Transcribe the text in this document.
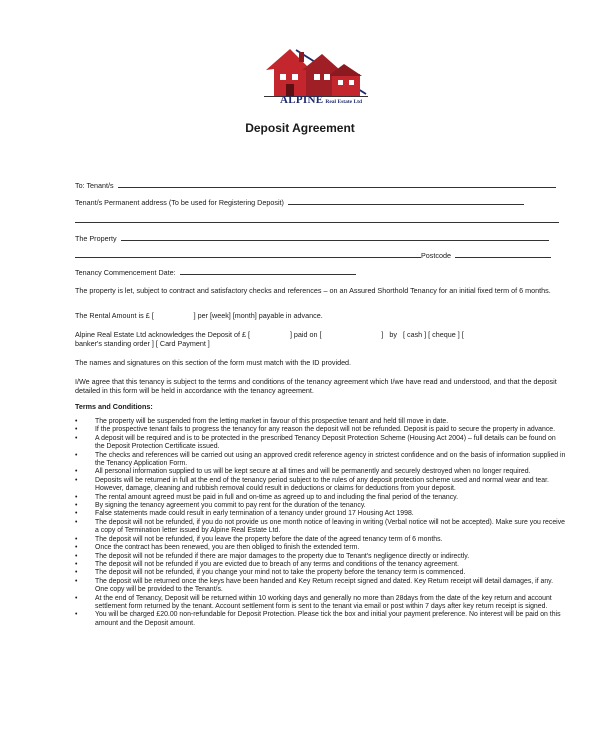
ALPINE Real Estate Ltd
Deposit Agreement
To: Tenant/s
Tenant/s Permanent address (To be used for Registering Deposit)
The Property
Postcode
Tenancy Commencement Date:
The property is let, subject to contract and satisfactory checks and references – on an Assured Shorthold Tenancy for an initial fixed term of 6 months.
The Rental Amount is £ [                    ] per [week] [month] payable in advance.
Alpine Real Estate Ltd acknowledges the Deposit of £ [                    ] paid on [                              ]   by   [ cash ] [ cheque ] [
banker's standing order ] [ Card Payment ]
The names and signatures on this section of the form must match with the ID provided.
I/We agree that this tenancy is subject to the terms and conditions of the tenancy agreement which I/we have read and understood, and that the deposit detailed in this form will be held in accordance with the tenancy agreement.
Terms and Conditions:
•	The property will be suspended from the letting market in favour of this prospective tenant and held till move in date.
•	If the prospective tenant fails to progress the tenancy for any reason the deposit will not be refunded. Deposit is paid to secure the property in advance.
•	A deposit will be required and is to be protected in the prescribed Tenancy Deposit Protection Scheme (Housing Act 2004) – full details can be found on the Deposit Protection Certificate issued.
•	The checks and references will be carried out using an approved credit reference agency in strictest confidence and on the basis of information supplied in the Tenancy Application Form.
•	All personal information supplied to us will be kept secure at all times and will be permanently and securely destroyed when no longer required.
•	Deposits will be returned in full at the end of the tenancy period subject to the rules of any deposit protection scheme used and normal wear and tear. However, damage, cleaning and rubbish removal could result in deductions or claims for deductions from your deposit.
•	The rental amount agreed must be paid in full and on-time as agreed up to and including the final period of the tenancy.
•	By signing the tenancy agreement you commit to pay rent for the duration of the tenancy.
•	False statements made could result in early termination of a tenancy under ground 17 Housing Act 1998.
•	The deposit will not be refunded, if you do not provide us one month notice of leaving in writing (Verbal notice will not be accepted). Make sure you receive a copy of Termination letter issued by Alpine Real Estate Ltd.
•	The deposit will not be refunded, if you leave the property before the date of the agreed tenancy term of 6 months.
•	Once the contract has been renewed, you are then obliged to finish the extended term.
•	The deposit will not be refunded if there are major damages to the property due to Tenant's negligence directly or indirectly.
•	The deposit will not be refunded if you are evicted due to breach of any terms and conditions of the tenancy agreement.
•	The deposit will not be refunded, if you change your mind not to take the property before the tenancy term is commenced.
•	The deposit will be returned once the keys have been handed and Key Return receipt signed and dated. Key Return receipt will detail damages, if any. One copy will be provided to the Tenant/s.
•	At the end of Tenancy, Deposit will be returned within 10 working days and generally no more than 28days from the date of the key return and account settlement form returned by the tenant. Account settlement form is sent to the tenant via email or post within 7 days after key return receipt is signed.
•	You will be charged £20.00 non-refundable for Deposit Protection. Please tick the box and initial your payment preference. No interest will be paid on this amount and the Deposit amount.
